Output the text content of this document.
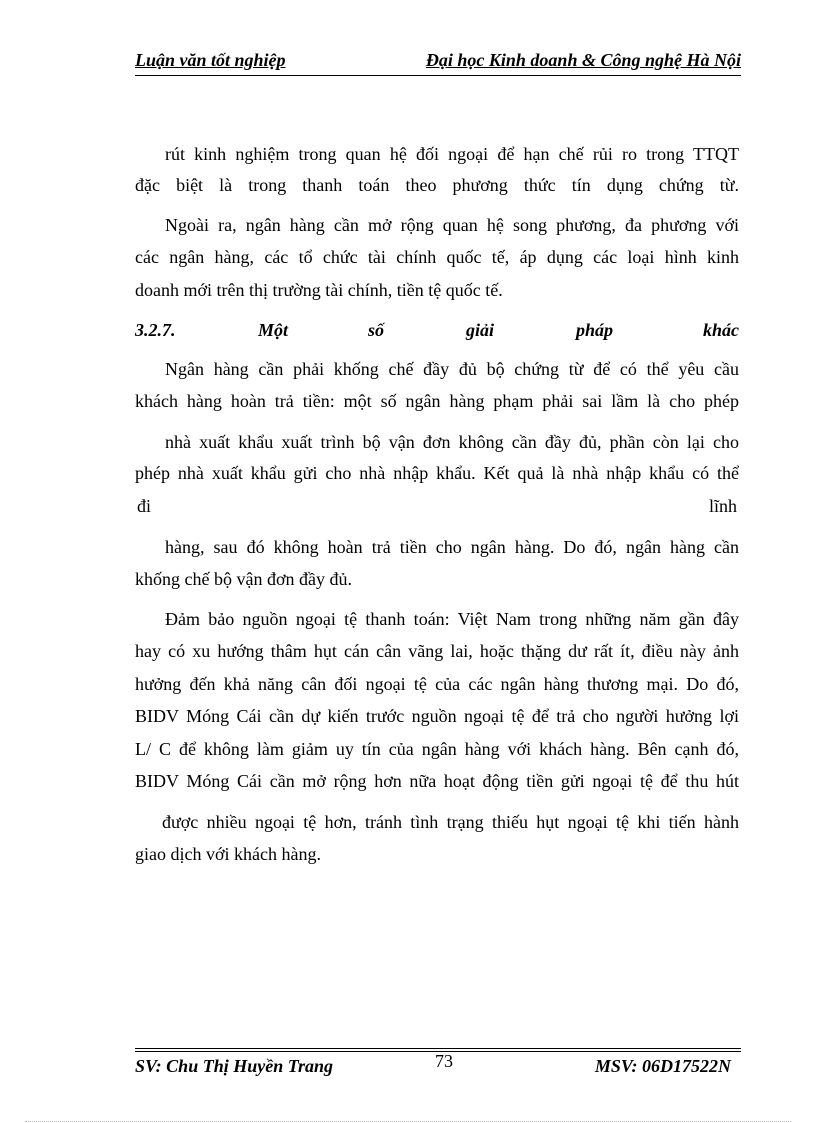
Luận văn tốt nghiệp	Đại học Kinh doanh & Công nghệ Hà Nội
rút kinh nghiệm trong quan hệ đối ngoại để hạn chế rủi ro trong TTQT
đặc biệt là trong thanh toán theo phương thức tín dụng chứng từ.
Ngoài ra, ngân hàng cần mở rộng quan hệ song phương, đa phương với
các ngân hàng, các tổ chức tài chính quốc tế, áp dụng các loại hình kinh
doanh mới trên thị trường tài chính, tiền tệ quốc tế.
3.2.7.	Một	số	giải	pháp	khác
Ngân hàng cần phải khống chế đầy đủ bộ chứng từ để có thể yêu cầu
khách hàng hoàn trả tiền: một số ngân hàng phạm phải sai lầm là cho phép
nhà xuất khẩu xuất trình bộ vận đơn không cần đầy đủ, phần còn lại cho
phép nhà xuất khẩu gửi cho nhà nhập khẩu. Kết quả là nhà nhập khẩu có thể
đi	lĩnh
hàng, sau đó không hoàn trả tiền cho ngân hàng. Do đó, ngân hàng cần
khống chế bộ vận đơn đầy đủ.
Đảm bảo nguồn ngoại tệ thanh toán: Việt Nam trong những năm gần đây
hay có xu hướng thâm hụt cán cân vãng lai, hoặc thặng dư rất ít, điều này ảnh
hưởng đến khả năng cân đối ngoại tệ của các ngân hàng thương mại. Do đó,
BIDV Móng Cái cần dự kiến trước nguồn ngoại tệ để trả cho người hưởng lợi
L/ C để không làm giảm uy tín của ngân hàng với khách hàng. Bên cạnh đó,
BIDV Móng Cái cần mở rộng hơn nữa hoạt động tiền gửi ngoại tệ để thu hút
được nhiều ngoại tệ hơn, tránh tình trạng thiếu hụt ngoại tệ khi tiến hành
giao dịch với khách hàng.
SV: Chu Thị Huyền Trang	73	MSV: 06D17522N
